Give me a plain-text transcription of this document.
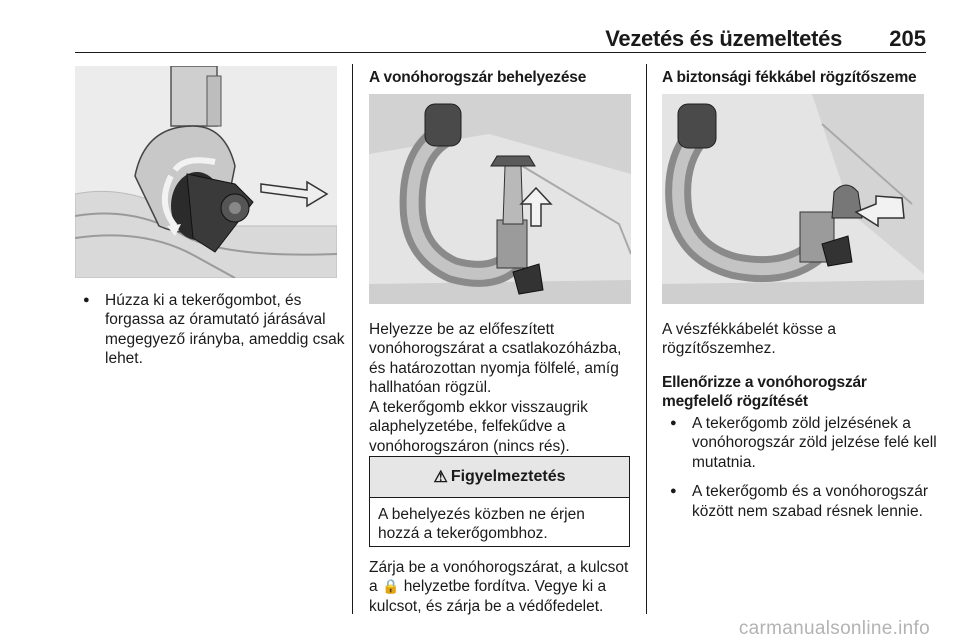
Vezetés és üzemeltetés 205
● Húzza ki a tekerőgombot, és forgassa az óramutató járásával megegyező irányba, ameddig csak lehet.
A vonóhorogszár behelyezése
Helyezze be az előfeszített vonóhorogszárat a csatlakozóházba, és határozottan nyomja fölfelé, amíg hallhatóan rögzül.
A tekerőgomb ekkor visszaugrik alaphelyzetébe, felfekűdve a vonóhorogszáron (nincs rés).
⚠ Figyelmeztetés
A behelyezés közben ne érjen hozzá a tekerőgombhoz.
Zárja be a vonóhorogszárat, a kulcsot a 🔒 helyzetbe fordítva. Vegye ki a kulcsot, és zárja be a védőfedelet.
A biztonsági fékkábel rögzítőszeme
A vészfékkábelét kösse a rögzítőszemhez.
Ellenőrizze a vonóhorogszár megfelelő rögzítését
● A tekerőgomb zöld jelzésének a vonóhorogszár zöld jelzése felé kell mutatnia.
● A tekerőgomb és a vonóhorogszár között nem szabad résnek lennie.
carmanualsonline.info
